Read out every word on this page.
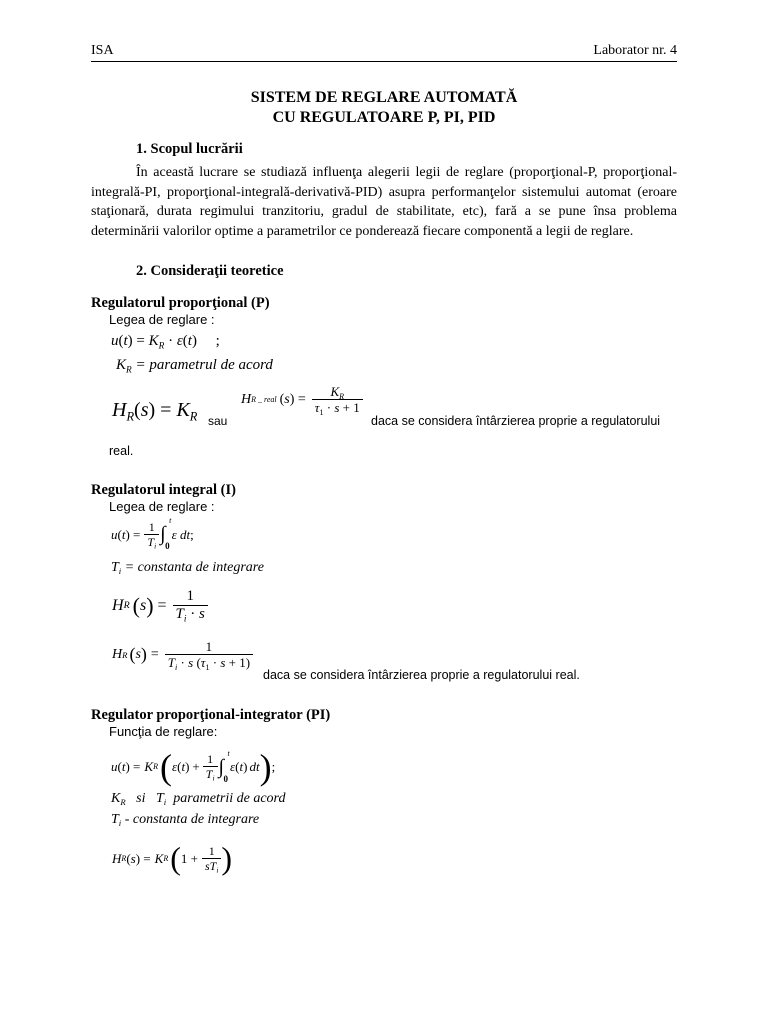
ISA	Laborator nr. 4
SISTEM DE REGLARE AUTOMATĂ
CU REGULATOARE P, PI, PID
1. Scopul lucrării
În această lucrare se studiază influenţa alegerii legii de reglare (proporţional-P, proporţional-integrală-PI, proporţional-integrală-derivativă-PID) asupra performanţelor sistemului automat (eroare staţionară, durata regimului tranzitoriu, gradul de stabilitate, etc), fară a se pune însa problema determinării valorilor optime a parametrilor ce ponderează fiecare componentă a legii de reglare.
2. Consideraţii teoretice
Regulatorul proporţional (P)
Legea de reglare :
$u(t) = K_R \cdot \varepsilon(t)$     ;
$K_R$ = parametrul de acord
$H_R(s) = K_R$ sau
H R _ real $(s) = \frac{K_R}{\tau_1 \cdot s + 1}$
daca se considera întârzierea proprie a regulatorului
real.
Regulatorul integral (I)
Legea de reglare :
u ( t ) = $\frac{1}{T_i}$ ∫
t
0
ε dt;
$T_i$ = constanta de integrare
H R ( s ) = $\frac{1}{T_i \cdot s}$
H R ( s ) = $\frac{1}{T_i \cdot s (\tau_1 \cdot s + 1)}$
daca se considera întârzierea proprie a regulatorului real.
Regulator proporţional-integrator (PI)
Funcţia de reglare:
u ( t ) = K R ( ε ( t ) + $\frac{1}{T_i}$ ∫
t
0
ε(t) dt ) ;
$K_R$ si   $T_i$ parametrii de acord
$T_i$ - constanta de integrare
H R ( s ) = K R ( $1 + \frac{1}{sT_i}$ )
